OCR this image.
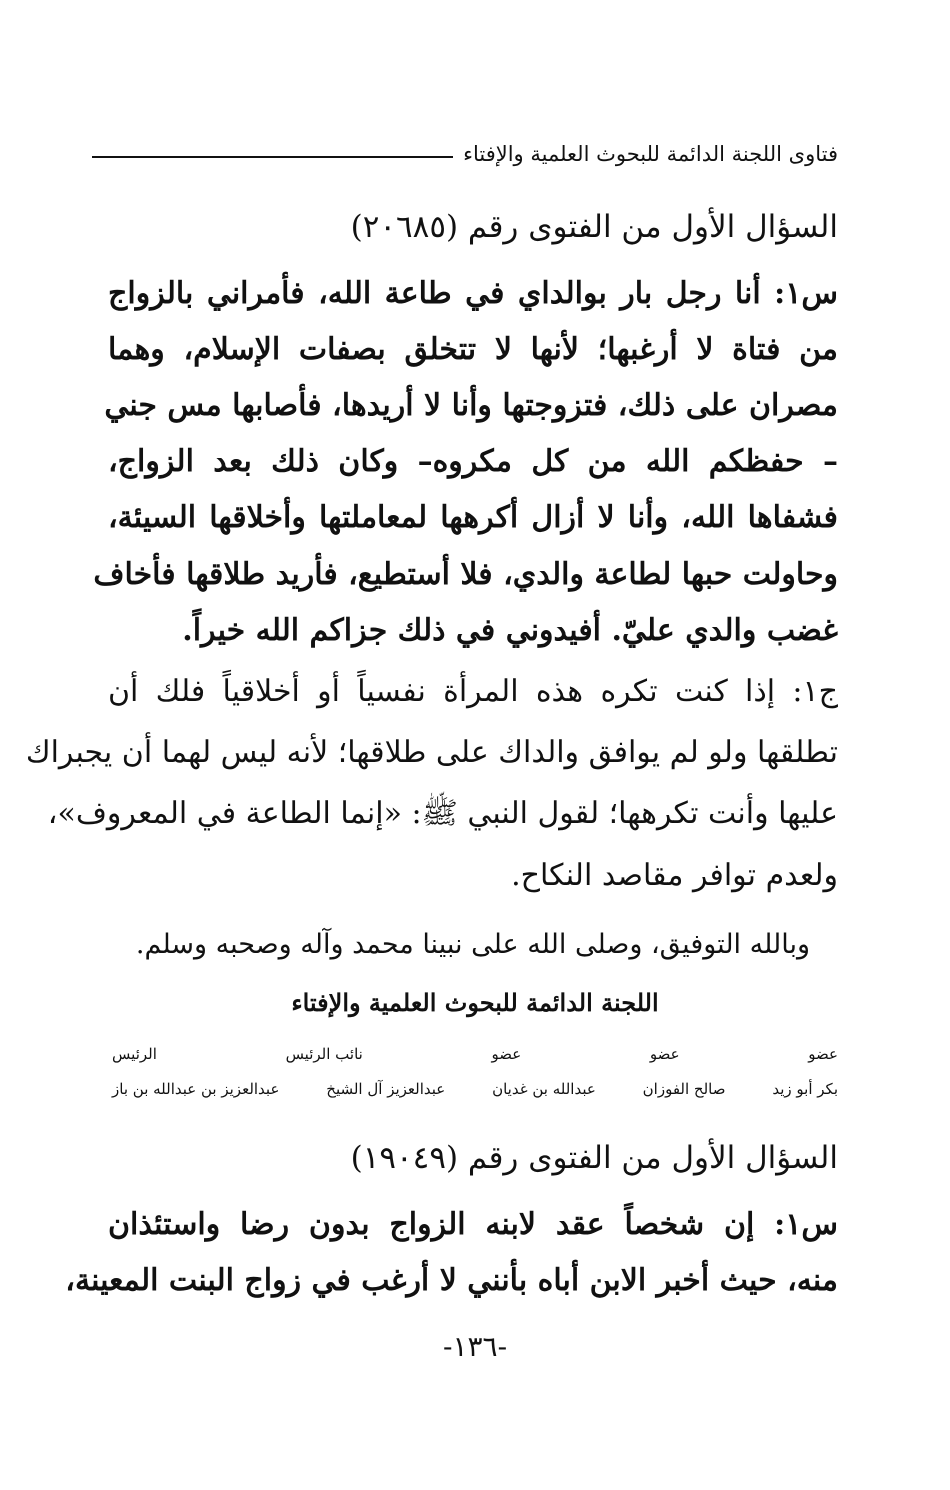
فتاوى اللجنة الدائمة للبحوث العلمية والإفتاء
السؤال الأول من الفتوى رقم (٢٠٦٨٥)
س١: أنا رجل بار بوالداي في طاعة الله، فأمراني بالزواج
من فتاة لا أرغبها؛ لأنها لا تتخلق بصفات الإسلام، وهما
مصران على ذلك، فتزوجتها وأنا لا أريدها، فأصابها مس جني
– حفظكم الله من كل مكروه– وكان ذلك بعد الزواج،
فشفاها الله، وأنا لا أزال أكرهها لمعاملتها وأخلاقها السيئة،
وحاولت حبها لطاعة والدي، فلا أستطيع، فأريد طلاقها فأخاف
غضب والدي عليّ. أفيدوني في ذلك جزاكم الله خيراً.
ج١: إذا كنت تكره هذه المرأة نفسياً أو أخلاقياً فلك أن
تطلقها ولو لم يوافق والداك على طلاقها؛ لأنه ليس لهما أن يجبراك
عليها وأنت تكرهها؛ لقول النبي ﷺ: «إنما الطاعة في المعروف»،
ولعدم توافر مقاصد النكاح.
وبالله التوفيق، وصلى الله على نبينا محمد وآله وصحبه وسلم.
اللجنة الدائمة للبحوث العلمية والإفتاء
عضو
عضو
عضو
نائب الرئيس
الرئيس
بكر أبو زيد
صالح الفوزان
عبدالله بن غديان
عبدالعزيز آل الشيخ
عبدالعزيز بن عبدالله بن باز
السؤال الأول من الفتوى رقم (١٩٠٤٩)
س١: إن شخصاً عقد لابنه الزواج بدون رضا واستئذان
منه، حيث أخبر الابن أباه بأنني لا أرغب في زواج البنت المعينة،
-١٣٦-
